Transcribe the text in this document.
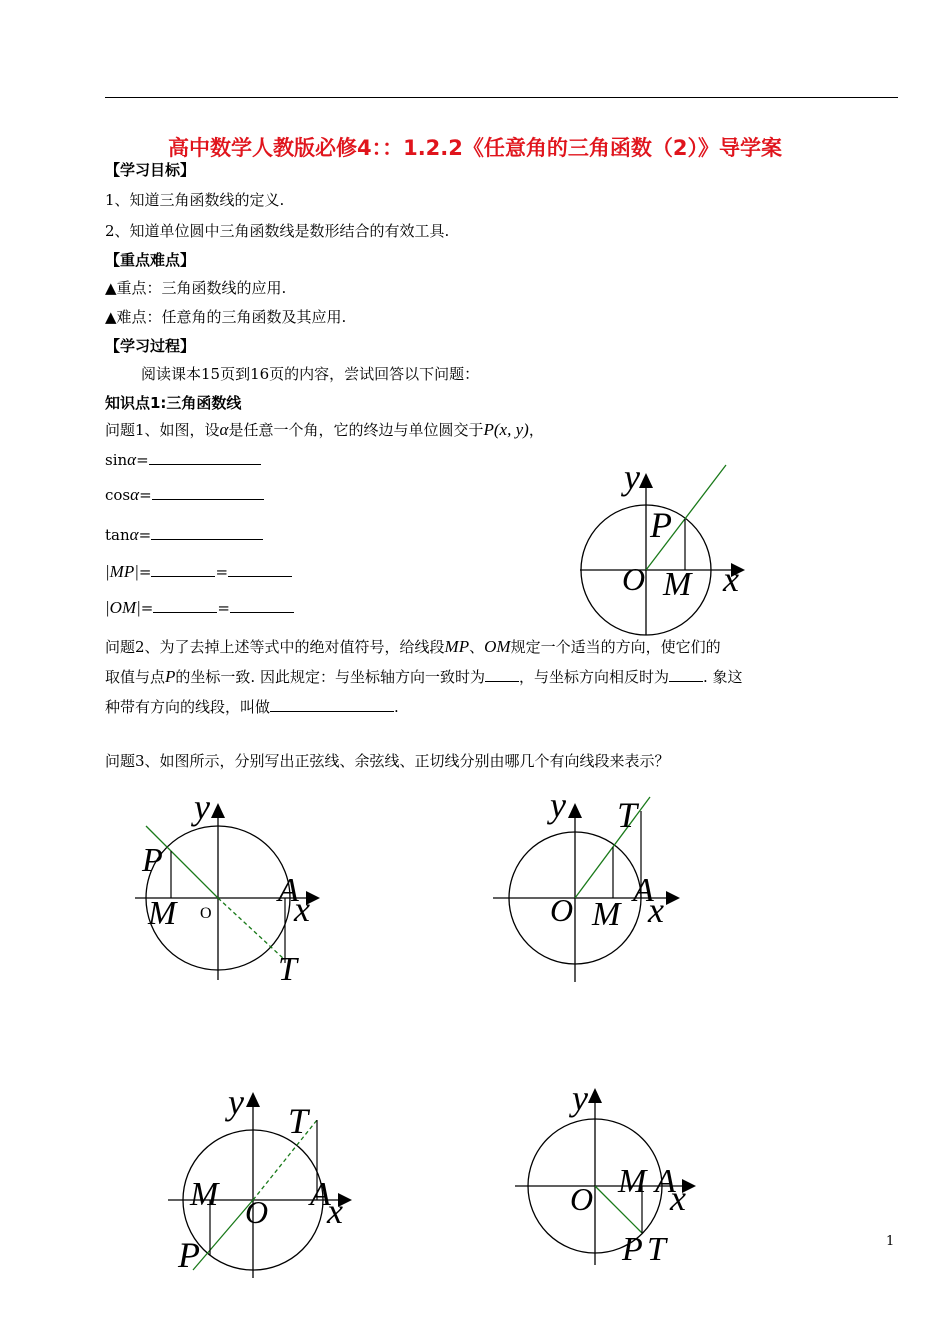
高中数学人教版必修4：：1.2.2《任意角的三角函数（2）》导学案
【学习目标】
1、知道三角函数线的定义.
2、知道单位圆中三角函数线是数形结合的有效工具.
【重点难点】
▲重点：三角函数线的应用.
▲难点：任意角的三角函数及其应用.
【学习过程】
阅读课本15页到16页的内容，尝试回答以下问题：
知识点1:三角函数线
问题1、如图，设α是任意一个角，它的终边与单位圆交于P(x, y)，
sinα=
cosα=
tanα=
|MP|=	=
|OM|=	=
y
P
O M x
问题2、为了去掉上述等式中的绝对值符号，给线段MP、OM规定一个适当的方向，使它们的
取值与点P的坐标一致. 因此规定：与坐标轴方向一致时为 ，与坐标方向相反时为 . 象这
种带有方向的线段，叫做	.
问题3、如图所示，分别写出正弦线、余弦线、正切线分别由哪几个有向线段来表示？
y
P
M O
A
x
T
y T
O M
A
x
y T
M O A
x
P
y
O M A
x
P T	1
